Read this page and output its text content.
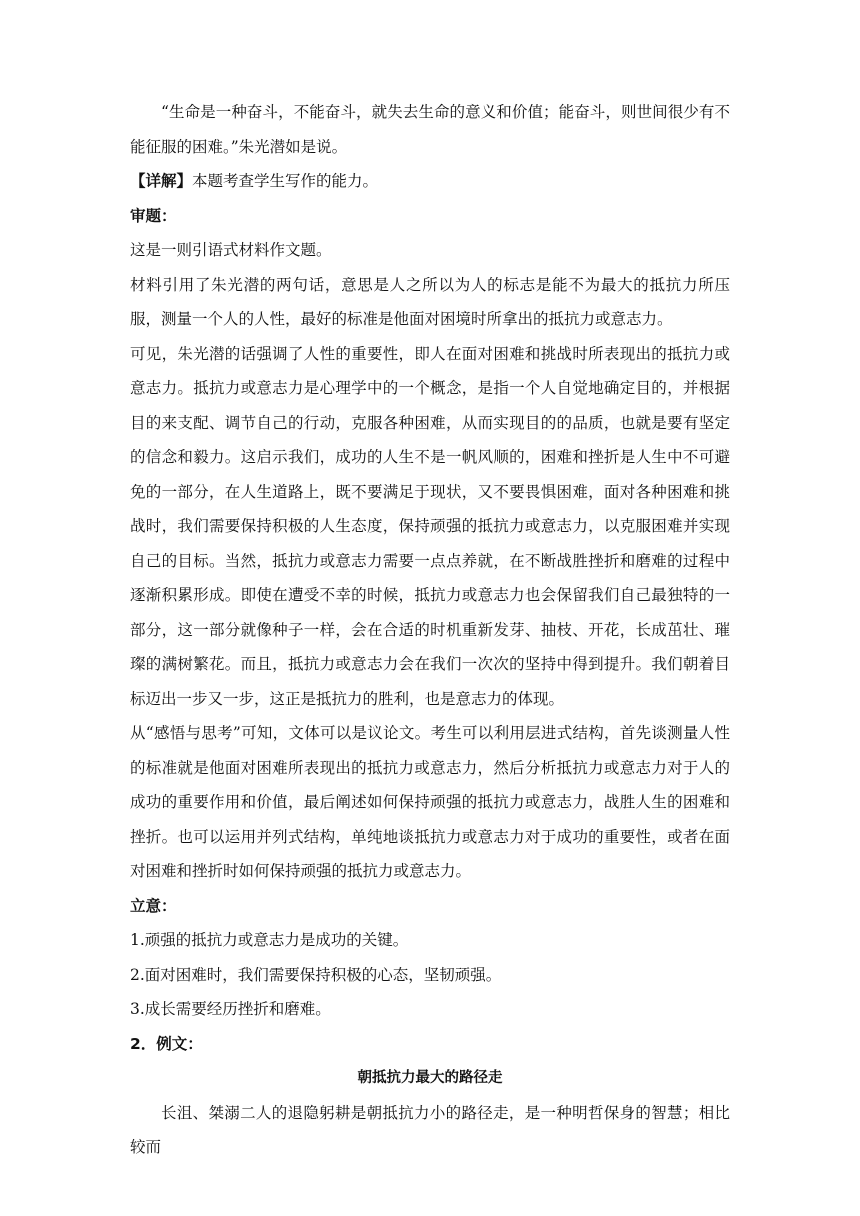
“生命是一种奋斗，不能奋斗，就失去生命的意义和价值；能奋斗，则世间很少有不能征服的困难。”朱光潜如是说。

【详解】本题考查学生写作的能力。

审题：

这是一则引语式材料作文题。

材料引用了朱光潜的两句话，意思是人之所以为人的标志是能不为最大的抵抗力所压服，测量一个人的人性，最好的标准是他面对困境时所拿出的抵抗力或意志力。

可见，朱光潜的话强调了人性的重要性，即人在面对困难和挑战时所表现出的抵抗力或意志力。抵抗力或意志力是心理学中的一个概念，是指一个人自觉地确定目的，并根据目的来支配、调节自己的行动，克服各种困难，从而实现目的的品质，也就是要有坚定的信念和毅力。这启示我们，成功的人生不是一帆风顺的，困难和挫折是人生中不可避免的一部分，在人生道路上，既不要满足于现状，又不要畏惧困难，面对各种困难和挑战时，我们需要保持积极的人生态度，保持顽强的抵抗力或意志力，以克服困难并实现自己的目标。当然，抵抗力或意志力需要一点点养就，在不断战胜挫折和磨难的过程中逐渐积累形成。即使在遭受不幸的时候，抵抗力或意志力也会保留我们自己最独特的一部分，这一部分就像种子一样，会在合适的时机重新发芽、抽枝、开花，长成茁壮、璀璨的满树繁花。而且，抵抗力或意志力会在我们一次次的坚持中得到提升。我们朝着目标迈出一步又一步，这正是抵抗力的胜利，也是意志力的体现。

从“感悟与思考”可知，文体可以是议论文。考生可以利用层进式结构，首先谈测量人性的标准就是他面对困难所表现出的抵抗力或意志力，然后分析抵抗力或意志力对于人的成功的重要作用和价值，最后阐述如何保持顽强的抵抗力或意志力，战胜人生的困难和挫折。也可以运用并列式结构，单纯地谈抵抗力或意志力对于成功的重要性，或者在面对困难和挫折时如何保持顽强的抵抗力或意志力。

立意：

1.顽强的抵抗力或意志力是成功的关键。

2.面对困难时，我们需要保持积极的心态，坚韧顽强。

3.成长需要经历挫折和磨难。

2．例文：

朝抵抗力最大的路径走

长沮、桀溺二人的退隐躬耕是朝抵抗力小的路径走，是一种明哲保身的智慧；相比较而
